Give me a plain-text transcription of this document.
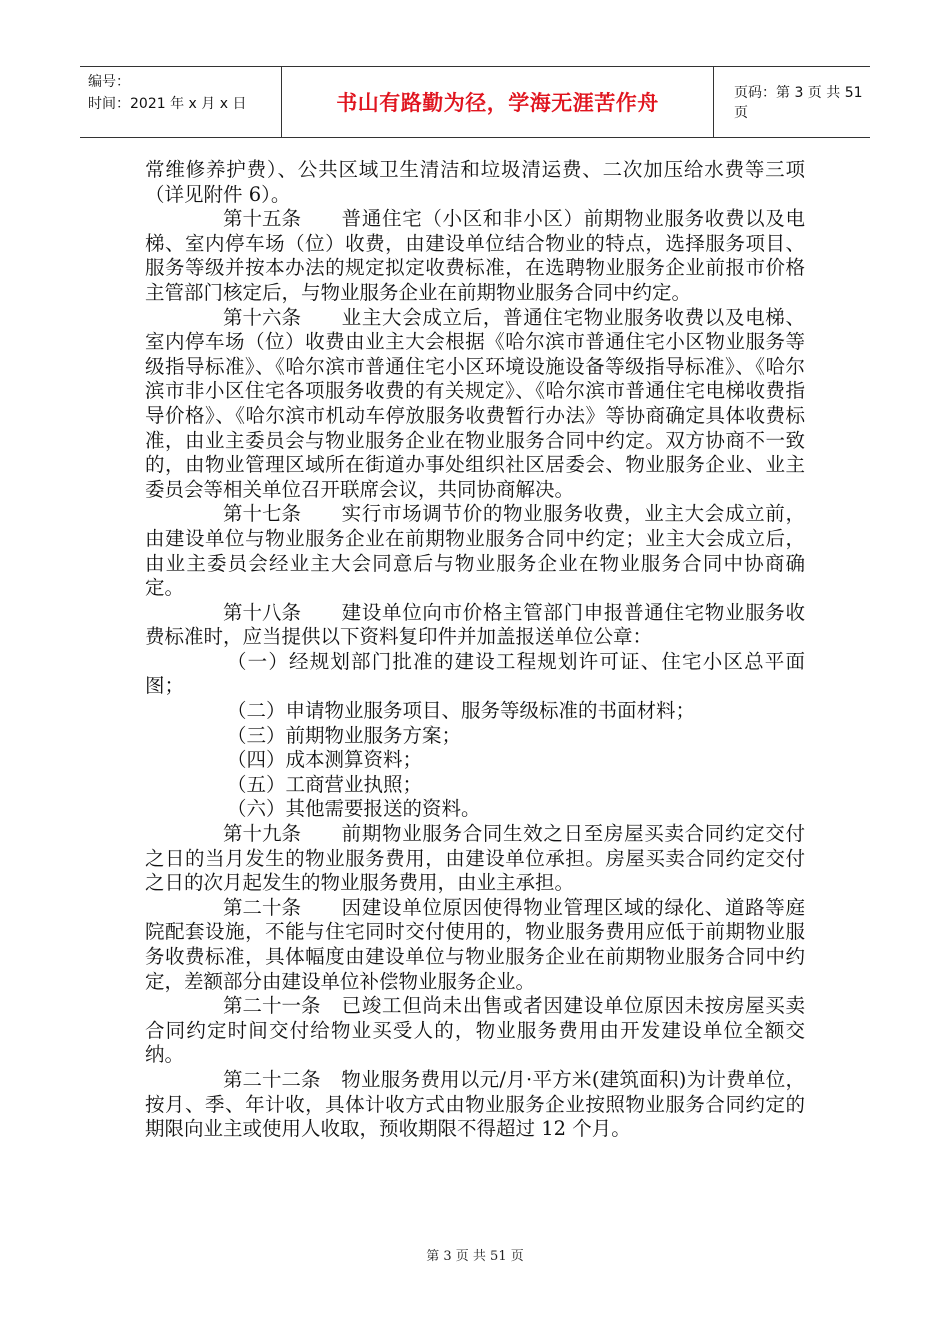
编号：
时间：2021 年 x 月 x 日	书山有路勤为径，学海无涯苦作舟	页码：第 3 页 共 51 页

常维修养护费）、公共区域卫生清洁和垃圾清运费、二次加压给水费等三项（详见附件 6）。

第十五条 普通住宅（小区和非小区）前期物业服务收费以及电梯、室内停车场（位）收费，由建设单位结合物业的特点，选择服务项目、服务等级并按本办法的规定拟定收费标准，在选聘物业服务企业前报市价格主管部门核定后，与物业服务企业在前期物业服务合同中约定。

第十六条 业主大会成立后，普通住宅物业服务收费以及电梯、室内停车场（位）收费由业主大会根据《哈尔滨市普通住宅小区物业服务等级指导标准》、《哈尔滨市普通住宅小区环境设施设备等级指导标准》、《哈尔滨市非小区住宅各项服务收费的有关规定》、《哈尔滨市普通住宅电梯收费指导价格》、《哈尔滨市机动车停放服务收费暂行办法》等协商确定具体收费标准，由业主委员会与物业服务企业在物业服务合同中约定。双方协商不一致的，由物业管理区域所在街道办事处组织社区居委会、物业服务企业、业主委员会等相关单位召开联席会议，共同协商解决。

第十七条 实行市场调节价的物业服务收费，业主大会成立前，由建设单位与物业服务企业在前期物业服务合同中约定；业主大会成立后，由业主委员会经业主大会同意后与物业服务企业在物业服务合同中协商确定。

第十八条 建设单位向市价格主管部门申报普通住宅物业服务收费标准时，应当提供以下资料复印件并加盖报送单位公章：

（一）经规划部门批准的建设工程规划许可证、住宅小区总平面图；

（二）申请物业服务项目、服务等级标准的书面材料；

（三）前期物业服务方案；

（四）成本测算资料；

（五）工商营业执照；

（六）其他需要报送的资料。

第十九条 前期物业服务合同生效之日至房屋买卖合同约定交付之日的当月发生的物业服务费用，由建设单位承担。房屋买卖合同约定交付之日的次月起发生的物业服务费用，由业主承担。

第二十条 因建设单位原因使得物业管理区域的绿化、道路等庭院配套设施，不能与住宅同时交付使用的，物业服务费用应低于前期物业服务收费标准，具体幅度由建设单位与物业服务企业在前期物业服务合同中约定，差额部分由建设单位补偿物业服务企业。

第二十一条 已竣工但尚未出售或者因建设单位原因未按房屋买卖合同约定时间交付给物业买受人的，物业服务费用由开发建设单位全额交纳。

第二十二条 物业服务费用以元/月·平方米(建筑面积)为计费单位，按月、季、年计收，具体计收方式由物业服务企业按照物业服务合同约定的期限向业主或使用人收取，预收期限不得超过 12 个月。

第 3 页 共 51 页
